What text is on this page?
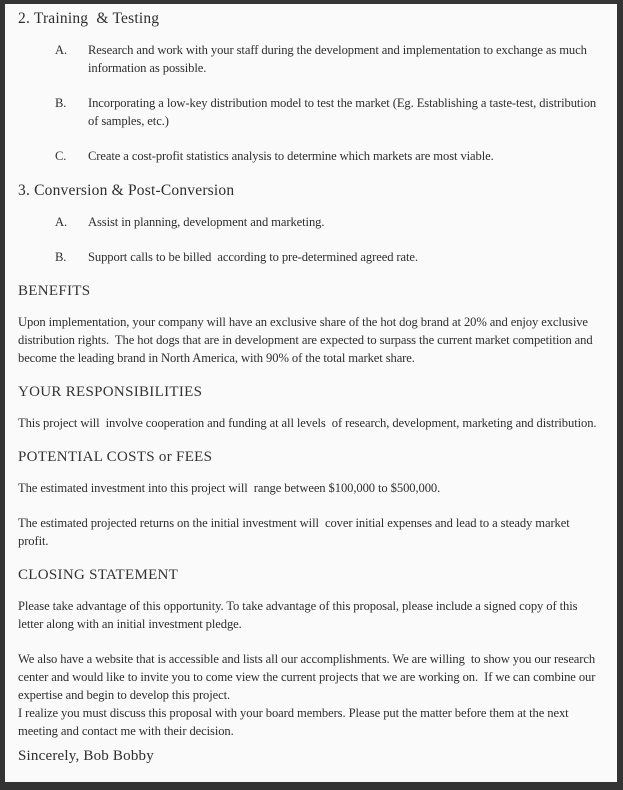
2. Training  & Testing
A.	Research and work with your staff during the development and implementation to exchange as much information as possible.
B.	Incorporating a low-key distribution model to test the market (Eg. Establishing a taste-test, distribution of samples, etc.)
C.	Create a cost-profit statistics analysis to determine which markets are most viable.
3. Conversion & Post-Conversion
A.	Assist in planning, development and marketing.
B.	Support calls to be billed  according to pre-determined agreed rate.
BENEFITS

Upon implementation, your company will have an exclusive share of the hot dog brand at 20% and enjoy exclusive distribution rights.  The hot dogs that are in development are expected to surpass the current market competition and become the leading brand in North America, with 90% of the total market share.

YOUR RESPONSIBILITIES

This project will  involve cooperation and funding at all levels  of research, development, marketing and distribution.

POTENTIAL COSTS or FEES

The estimated investment into this project will  range between $100,000 to $500,000.

The estimated projected returns on the initial investment will  cover initial expenses and lead to a steady market profit.

CLOSING STATEMENT

Please take advantage of this opportunity. To take advantage of this proposal, please include a signed copy of this letter along with an initial investment pledge.

We also have a website that is accessible and lists all our accomplishments. We are willing  to show you our research center and would like to invite you to come view the current projects that we are working on.  If we can combine our expertise and begin to develop this project.

I realize you must discuss this proposal with your board members. Please put the matter before them at the next meeting and contact me with their decision.

Sincerely, Bob Bobby
